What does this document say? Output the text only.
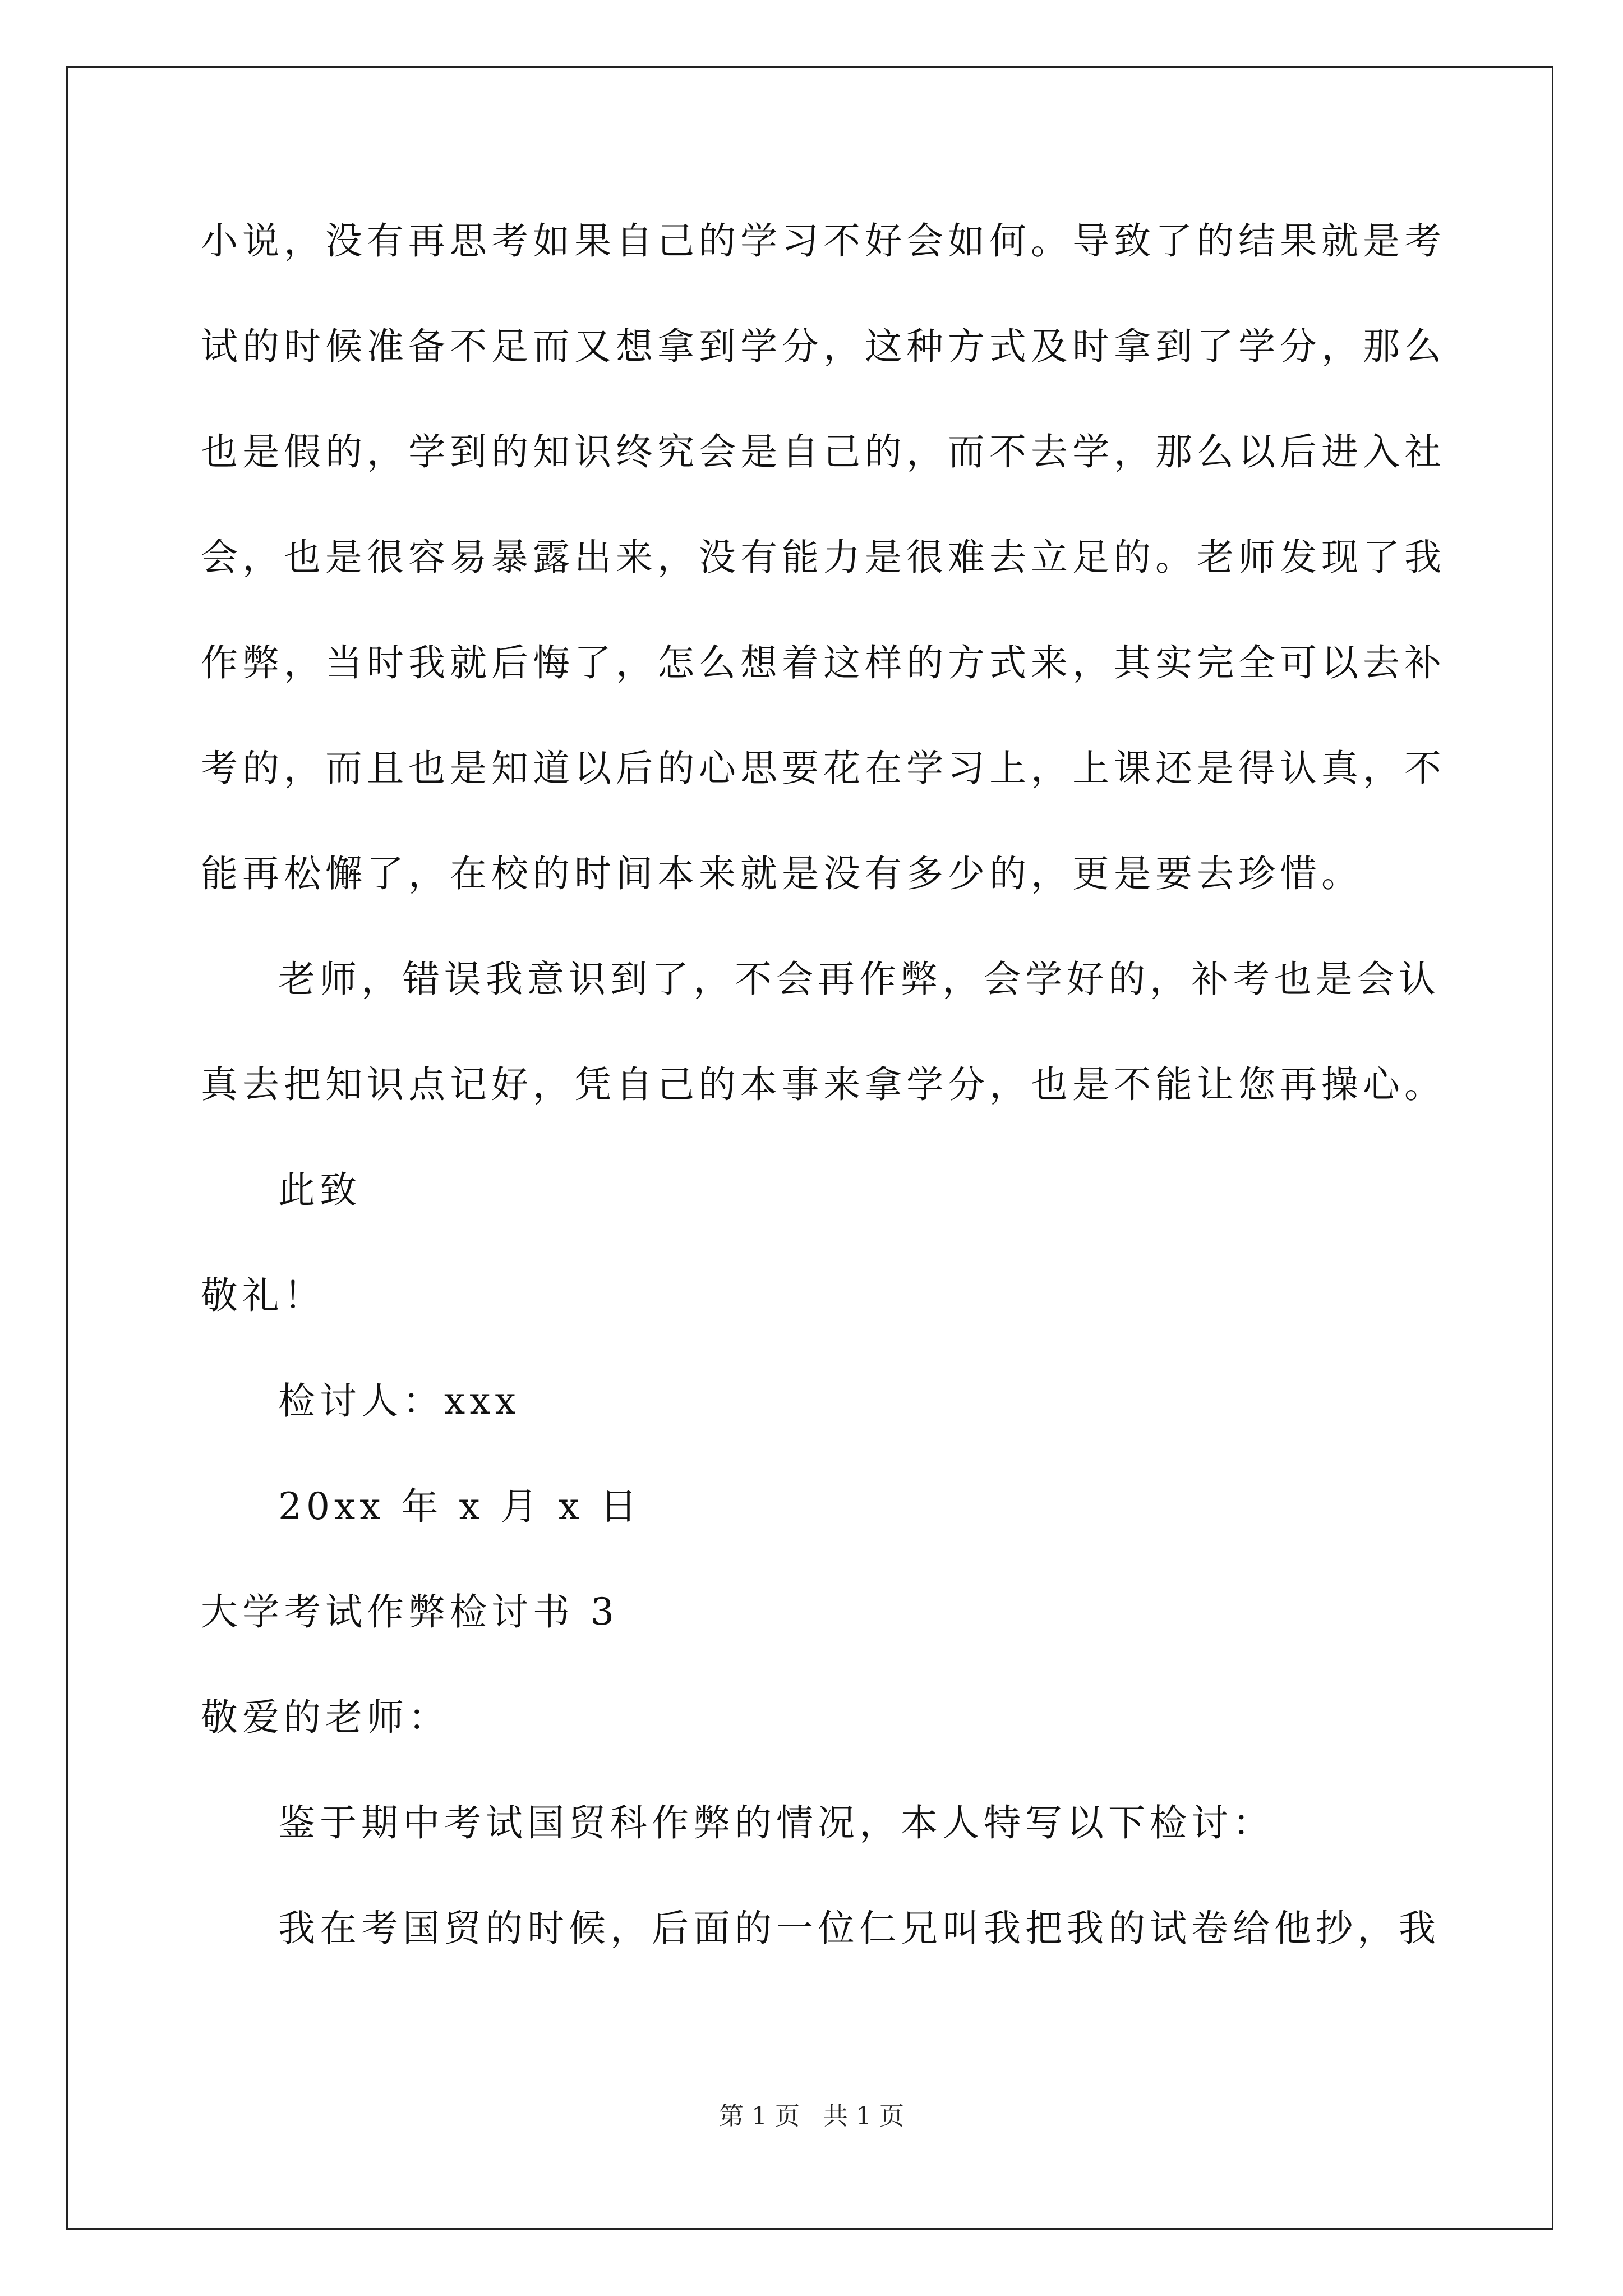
小说，没有再思考如果自己的学习不好会如何。导致了的结果就是考
试的时候准备不足而又想拿到学分，这种方式及时拿到了学分，那么
也是假的，学到的知识终究会是自己的，而不去学，那么以后进入社
会，也是很容易暴露出来，没有能力是很难去立足的。老师发现了我
作弊，当时我就后悔了，怎么想着这样的方式来，其实完全可以去补
考的，而且也是知道以后的心思要花在学习上，上课还是得认真，不
能再松懈了，在校的时间本来就是没有多少的，更是要去珍惜。
老师，错误我意识到了，不会再作弊，会学好的，补考也是会认
真去把知识点记好，凭自己的本事来拿学分，也是不能让您再操心。
此致
敬礼！
检讨人：xxx
20xx 年 x 月 x 日
大学考试作弊检讨书 3
敬爱的老师：
鉴于期中考试国贸科作弊的情况，本人特写以下检讨：
我在考国贸的时候，后面的一位仁兄叫我把我的试卷给他抄，我
第 1 页 共 1 页
